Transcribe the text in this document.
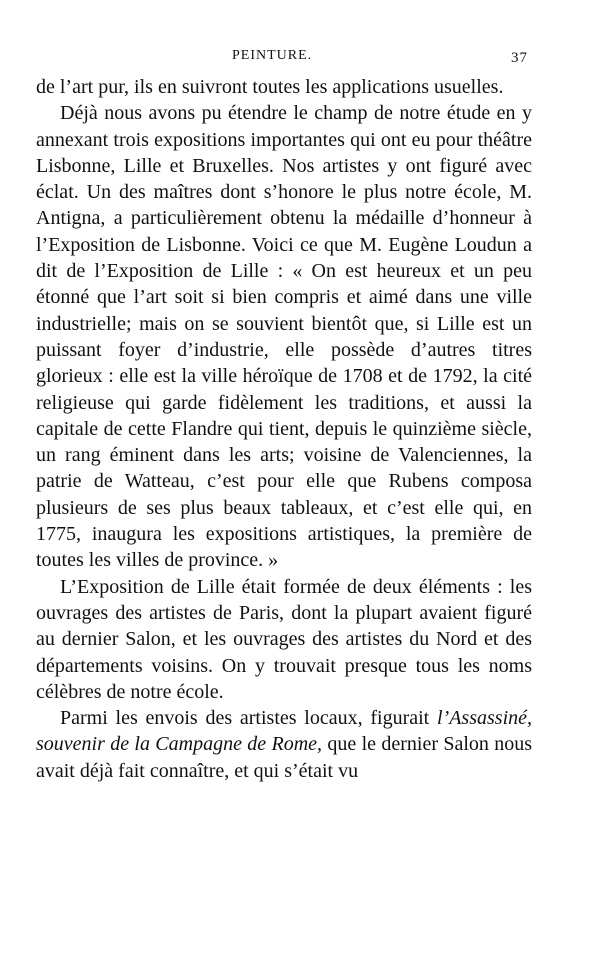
PEINTURE.	37

de l’art pur, ils en suivront toutes les applications usuelles.

Déjà nous avons pu étendre le champ de notre étude en y annexant trois expositions importantes qui ont eu pour théâtre Lisbonne, Lille et Bruxelles. Nos artistes y ont figuré avec éclat. Un des maîtres dont s’honore le plus notre école, M. Antigna, a particulièrement obtenu la médaille d’honneur à l’Exposition de Lisbonne. Voici ce que M. Eugène Loudun a dit de l’Exposition de Lille : « On est heureux et un peu étonné que l’art soit si bien compris et aimé dans une ville industrielle; mais on se souvient bientôt que, si Lille est un puissant foyer d’industrie, elle possède d’autres titres glorieux : elle est la ville héroïque de 1708 et de 1792, la cité religieuse qui garde fidèlement les traditions, et aussi la capitale de cette Flandre qui tient, depuis le quinzième siècle, un rang éminent dans les arts; voisine de Valenciennes, la patrie de Watteau, c’est pour elle que Rubens composa plusieurs de ses plus beaux tableaux, et c’est elle qui, en 1775, inaugura les expositions artistiques, la première de toutes les villes de province. »

L’Exposition de Lille était formée de deux éléments : les ouvrages des artistes de Paris, dont la plupart avaient figuré au dernier Salon, et les ouvrages des artistes du Nord et des départements voisins. On y trouvait presque tous les noms célèbres de notre école.

Parmi les envois des artistes locaux, figurait l’Assassiné, souvenir de la Campagne de Rome, que le dernier Salon nous avait déjà fait connaître, et qui s’était vu
